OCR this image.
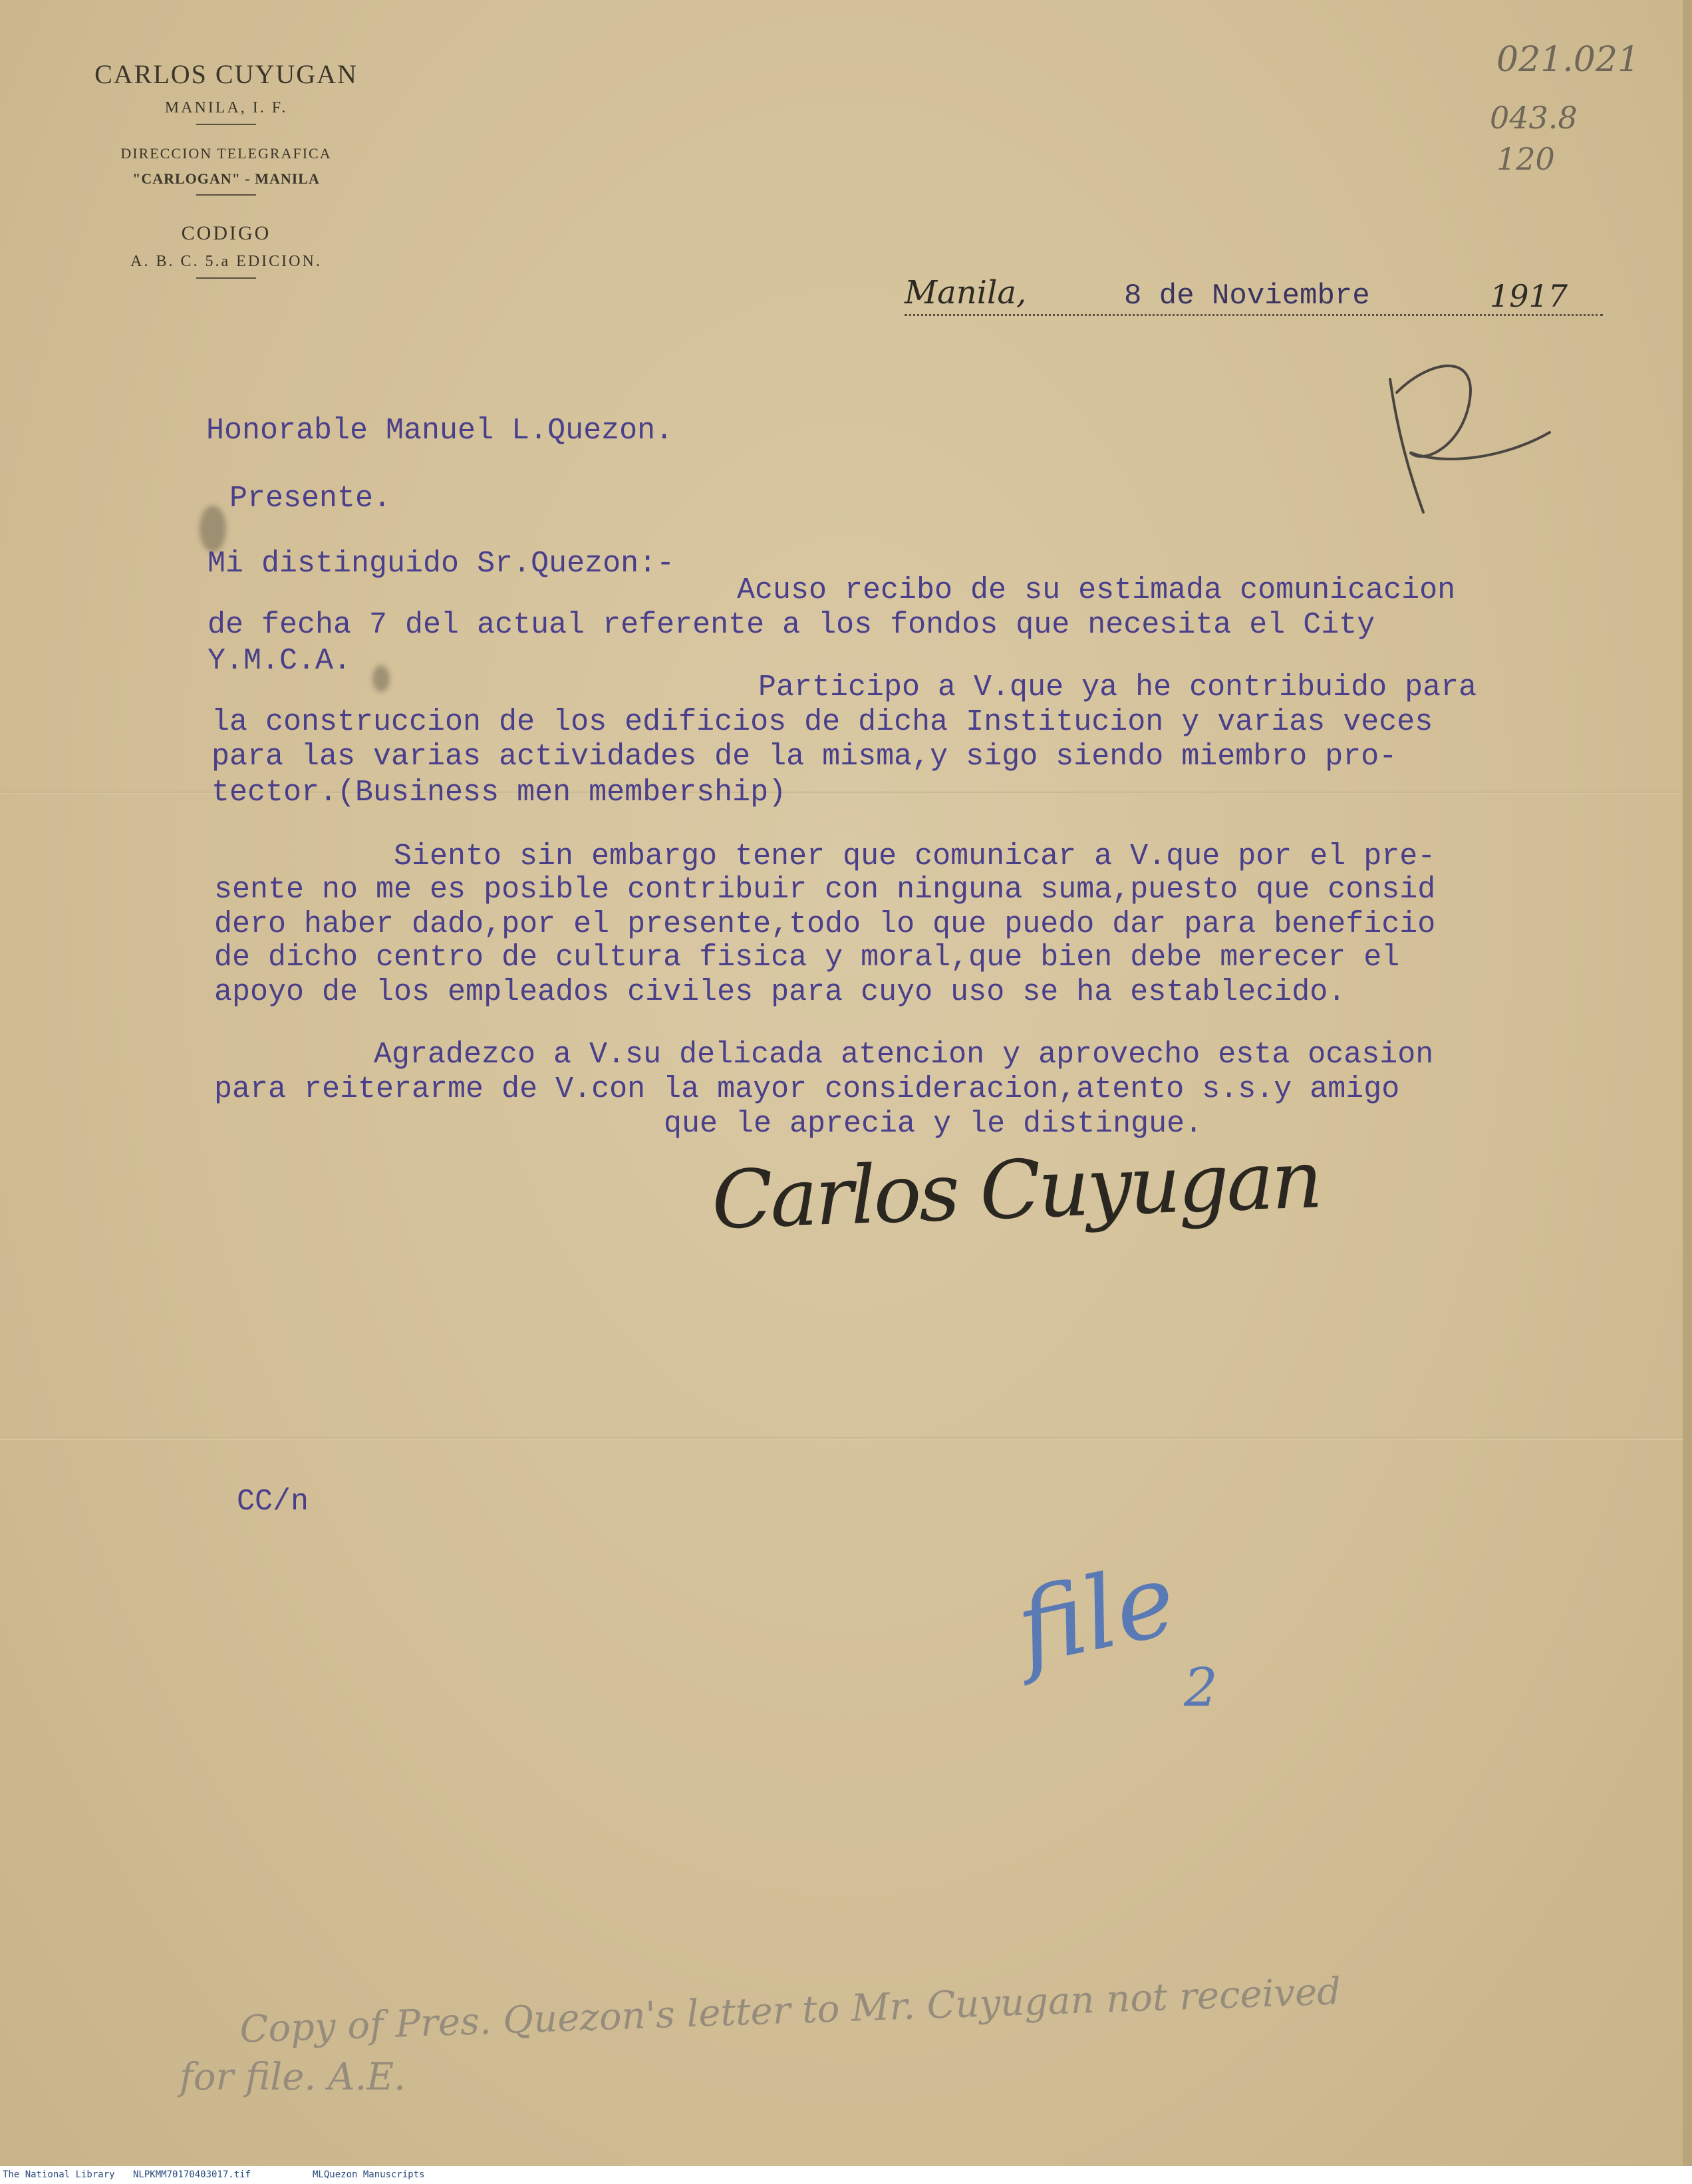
CARLOS CUYUGAN
MANILA, I. F.
DIRECCION TELEGRAFICA
"CARLOGAN" - MANILA
CODIGO
A. B. C. 5.a EDICION.
021.021
043.8
120
Manila,	8 de Noviembre	1917
R
Honorable Manuel L.Quezon.
Presente.
Mi distinguido Sr.Quezon:-
Acuso recibo de su estimada comunicacion
de fecha 7 del actual referente a los fondos que necesita el City
Y.M.C.A.
Participo a V.que ya he contribuido para
la construccion de los edificios de dicha Institucion y varias veces
para las varias actividades de la misma,y sigo siendo miembro pro-
tector.(Business men membership)
Siento sin embargo tener que comunicar a V.que por el pre-
sente no me es posible contribuir con ninguna suma,puesto que consid
dero haber dado,por el presente,todo lo que puedo dar para beneficio
de dicho centro de cultura fisica y moral,que bien debe merecer el
apoyo de los empleados civiles para cuyo uso se ha establecido.
Agradezco a V.su delicada atencion y aprovecho esta ocasion
para reiterarme de V.con la mayor consideracion,atento s.s.y amigo
que le aprecia y le distingue.
Carlos Cuyugan
CC/n
file
2
Copy of Pres. Quezon's letter to Mr. Cuyugan not received
for file. A.E.
The National Library NLPKMM70170403017.tif	MLQuezon Manuscripts
